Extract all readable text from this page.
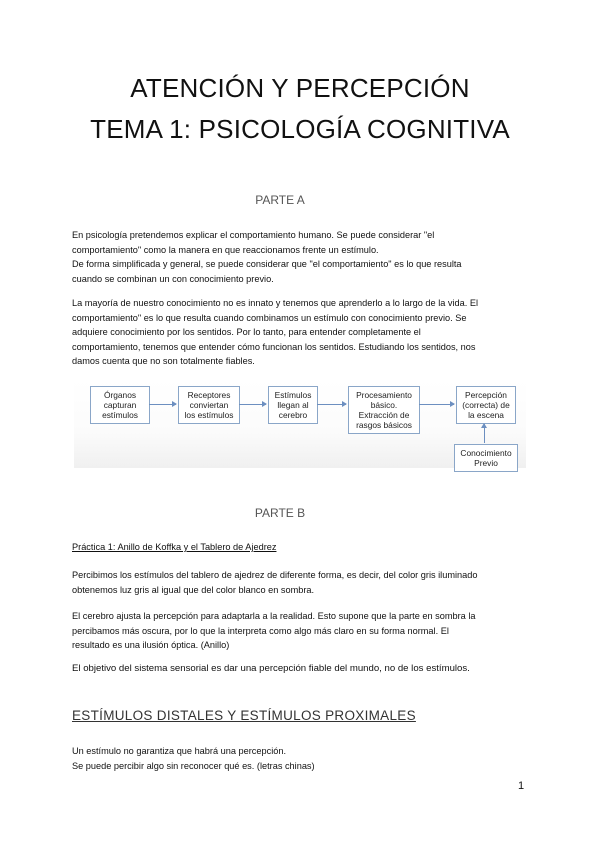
ATENCIÓN Y PERCEPCIÓN
TEMA 1: PSICOLOGÍA COGNITIVA
PARTE A
En psicología pretendemos explicar el comportamiento humano. Se puede considerar "el
comportamiento" como la manera en que reaccionamos frente un estímulo.
De forma simplificada y general, se puede considerar que "el comportamiento" es lo que resulta
cuando se combinan un con conocimiento previo.
La mayoría de nuestro conocimiento no es innato y tenemos que aprenderlo a lo largo de la vida. El
comportamiento" es lo que resulta cuando combinamos un estímulo con conocimiento previo. Se
adquiere conocimiento por los sentidos. Por lo tanto, para entender completamente el
comportamiento, tenemos que entender cómo funcionan los sentidos. Estudiando los sentidos, nos
damos cuenta que no son totalmente fiables.
Órganos
capturan
estímulos
Receptores
conviertan
los estímulos
Estímulos
llegan al
cerebro
Procesamiento
básico.
Extracción de
rasgos básicos
Percepción
(correcta) de
la escena
Conocimiento
Previo
PARTE B
Práctica 1: Anillo de Koffka y el Tablero de Ajedrez
Percibimos los estímulos del tablero de ajedrez de diferente forma, es decir, del color gris iluminado
obtenemos luz gris al igual que del color blanco en sombra.
El cerebro ajusta la percepción para adaptarla a la realidad. Esto supone que la parte en sombra la
percibamos más oscura, por lo que la interpreta como algo más claro en su forma normal. El
resultado es una ilusión óptica. (Anillo)
El objetivo del sistema sensorial es dar una percepción fiable del mundo, no de los estímulos.
ESTÍMULOS DISTALES Y ESTÍMULOS PROXIMALES
Un estímulo no garantiza que habrá una percepción.
Se puede percibir algo sin reconocer qué es. (letras chinas)
1
